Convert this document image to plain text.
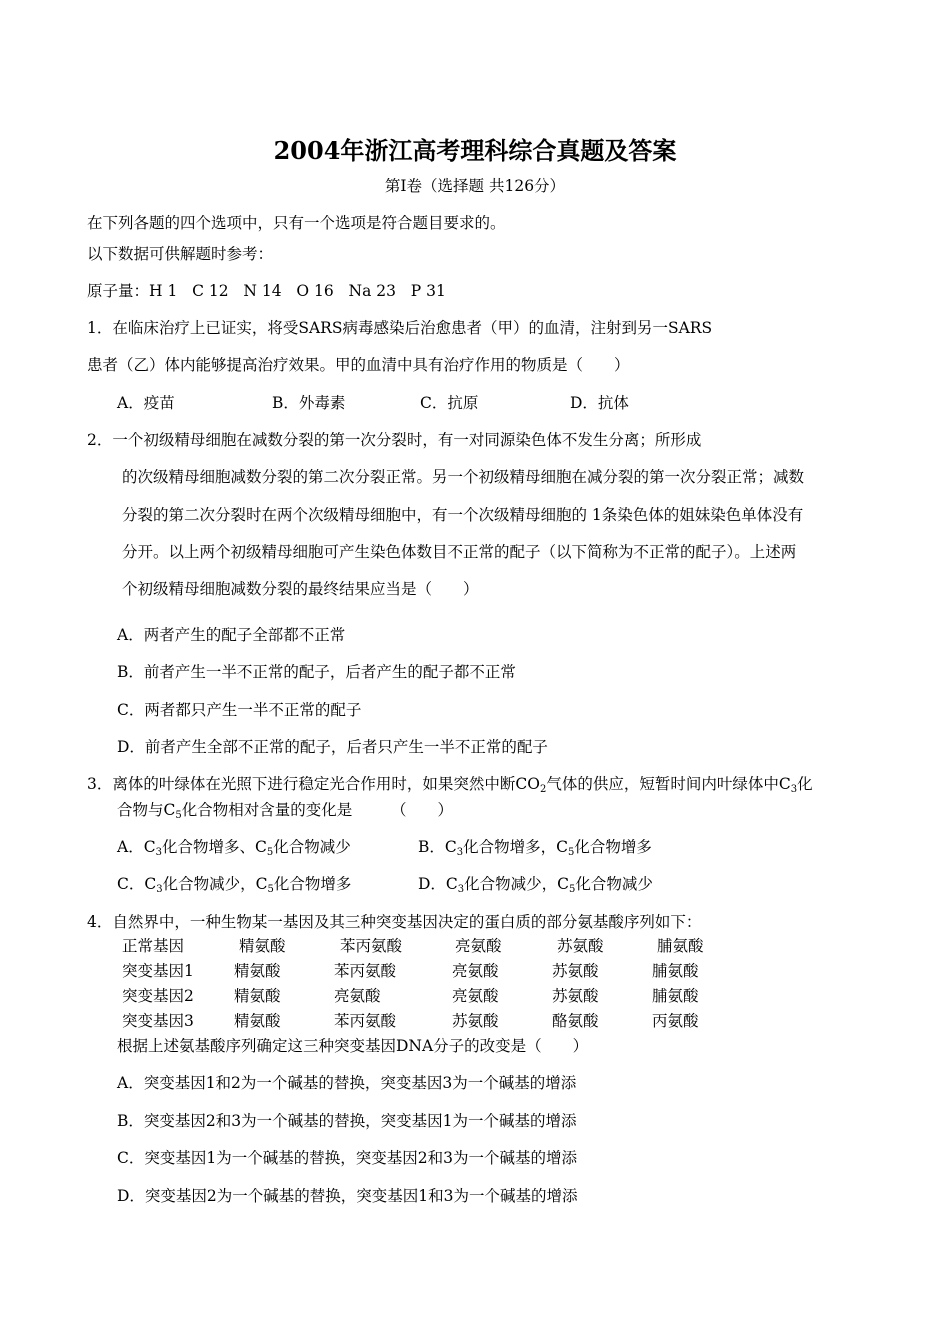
2004年浙江高考理科综合真题及答案
第Ⅰ卷（选择题 共126分）
在下列各题的四个选项中，只有一个选项是符合题目要求的。
以下数据可供解题时参考：
原子量：H 1   C 12   N 14   O 16   Na 23   P 31
1．在临床治疗上已证实，将受SARS病毒感染后治愈患者（甲）的血清，注射到另一SARS
患者（乙）体内能够提高治疗效果。甲的血清中具有治疗作用的物质是（　　）
A．疫苗	B．外毒素	C．抗原	D．抗体
2．一个初级精母细胞在减数分裂的第一次分裂时，有一对同源染色体不发生分离；所形成
的次级精母细胞减数分裂的第二次分裂正常。另一个初级精母细胞在减分裂的第一次分裂正常；减数
分裂的第二次分裂时在两个次级精母细胞中，有一个次级精母细胞的 1条染色体的姐妹染色单体没有
分开。以上两个初级精母细胞可产生染色体数目不正常的配子（以下简称为不正常的配子）。上述两
个初级精母细胞减数分裂的最终结果应当是（　　）
A．两者产生的配子全部都不正常
B．前者产生一半不正常的配子，后者产生的配子都不正常
C．两者都只产生一半不正常的配子
D．前者产生全部不正常的配子，后者只产生一半不正常的配子
3．离体的叶绿体在光照下进行稳定光合作用时，如果突然中断$CO_2$气体的供应，短暂时间内叶绿体中$C_3$化
合物与$C_5$化合物相对含量的变化是　　　（　　）
A．$C_3$化合物增多、$C_5$化合物减少	B．$C_3$化合物增多，$C_5$化合物增多
C．$C_3$化合物减少，$C_5$化合物增多	D．$C_3$化合物减少，$C_5$化合物减少
4．自然界中，一种生物某一基因及其三种突变基因决定的蛋白质的部分氨基酸序列如下：
正常基因	精氨酸	苯丙氨酸	亮氨酸	苏氨酸	脯氨酸
突变基因1	精氨酸	苯丙氨酸	亮氨酸	苏氨酸	脯氨酸
突变基因2	精氨酸	亮氨酸	亮氨酸	苏氨酸	脯氨酸
突变基因3	精氨酸	苯丙氨酸	苏氨酸	酪氨酸	丙氨酸
根据上述氨基酸序列确定这三种突变基因DNA分子的改变是（　　）
A．突变基因1和2为一个碱基的替换，突变基因3为一个碱基的增添
B．突变基因2和3为一个碱基的替换，突变基因1为一个碱基的增添
C．突变基因1为一个碱基的替换，突变基因2和3为一个碱基的增添
D．突变基因2为一个碱基的替换，突变基因1和3为一个碱基的增添
